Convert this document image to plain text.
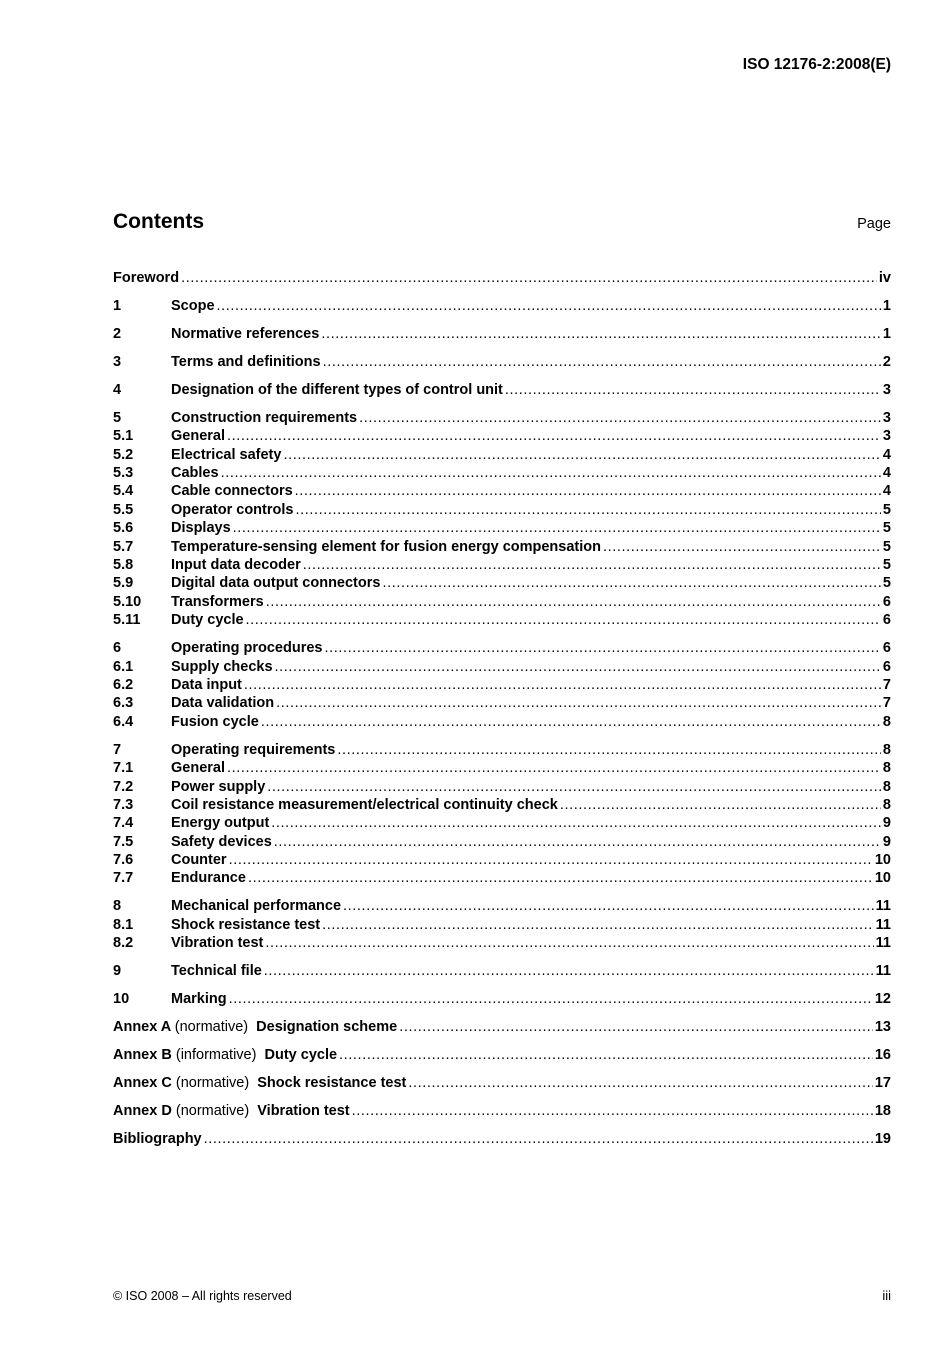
ISO 12176-2:2008(E)
Contents	Page
Foreword .....	iv
1	Scope .....	1
2	Normative references .....	1
3	Terms and definitions .....	2
4	Designation of the different types of control unit .....	3
5	Construction requirements .....	3
5.1	General .....	3
5.2	Electrical safety .....	4
5.3	Cables .....	4
5.4	Cable connectors .....	4
5.5	Operator controls .....	5
5.6	Displays .....	5
5.7	Temperature-sensing element for fusion energy compensation .....	5
5.8	Input data decoder .....	5
5.9	Digital data output connectors .....	5
5.10	Transformers .....	6
5.11	Duty cycle .....	6
6	Operating procedures .....	6
6.1	Supply checks .....	6
6.2	Data input .....	7
6.3	Data validation .....	7
6.4	Fusion cycle .....	8
7	Operating requirements .....	8
7.1	General .....	8
7.2	Power supply .....	8
7.3	Coil resistance measurement/electrical continuity check .....	8
7.4	Energy output .....	9
7.5	Safety devices .....	9
7.6	Counter .....	10
7.7	Endurance .....	10
8	Mechanical performance .....	11
8.1	Shock resistance test .....	11
8.2	Vibration test .....	11
9	Technical file .....	11
10	Marking .....	12
Annex A (normative) Designation scheme .....	13
Annex B (informative) Duty cycle .....	16
Annex C (normative) Shock resistance test .....	17
Annex D (normative) Vibration test .....	18
Bibliography .....	19
© ISO 2008 – All rights reserved	iii
